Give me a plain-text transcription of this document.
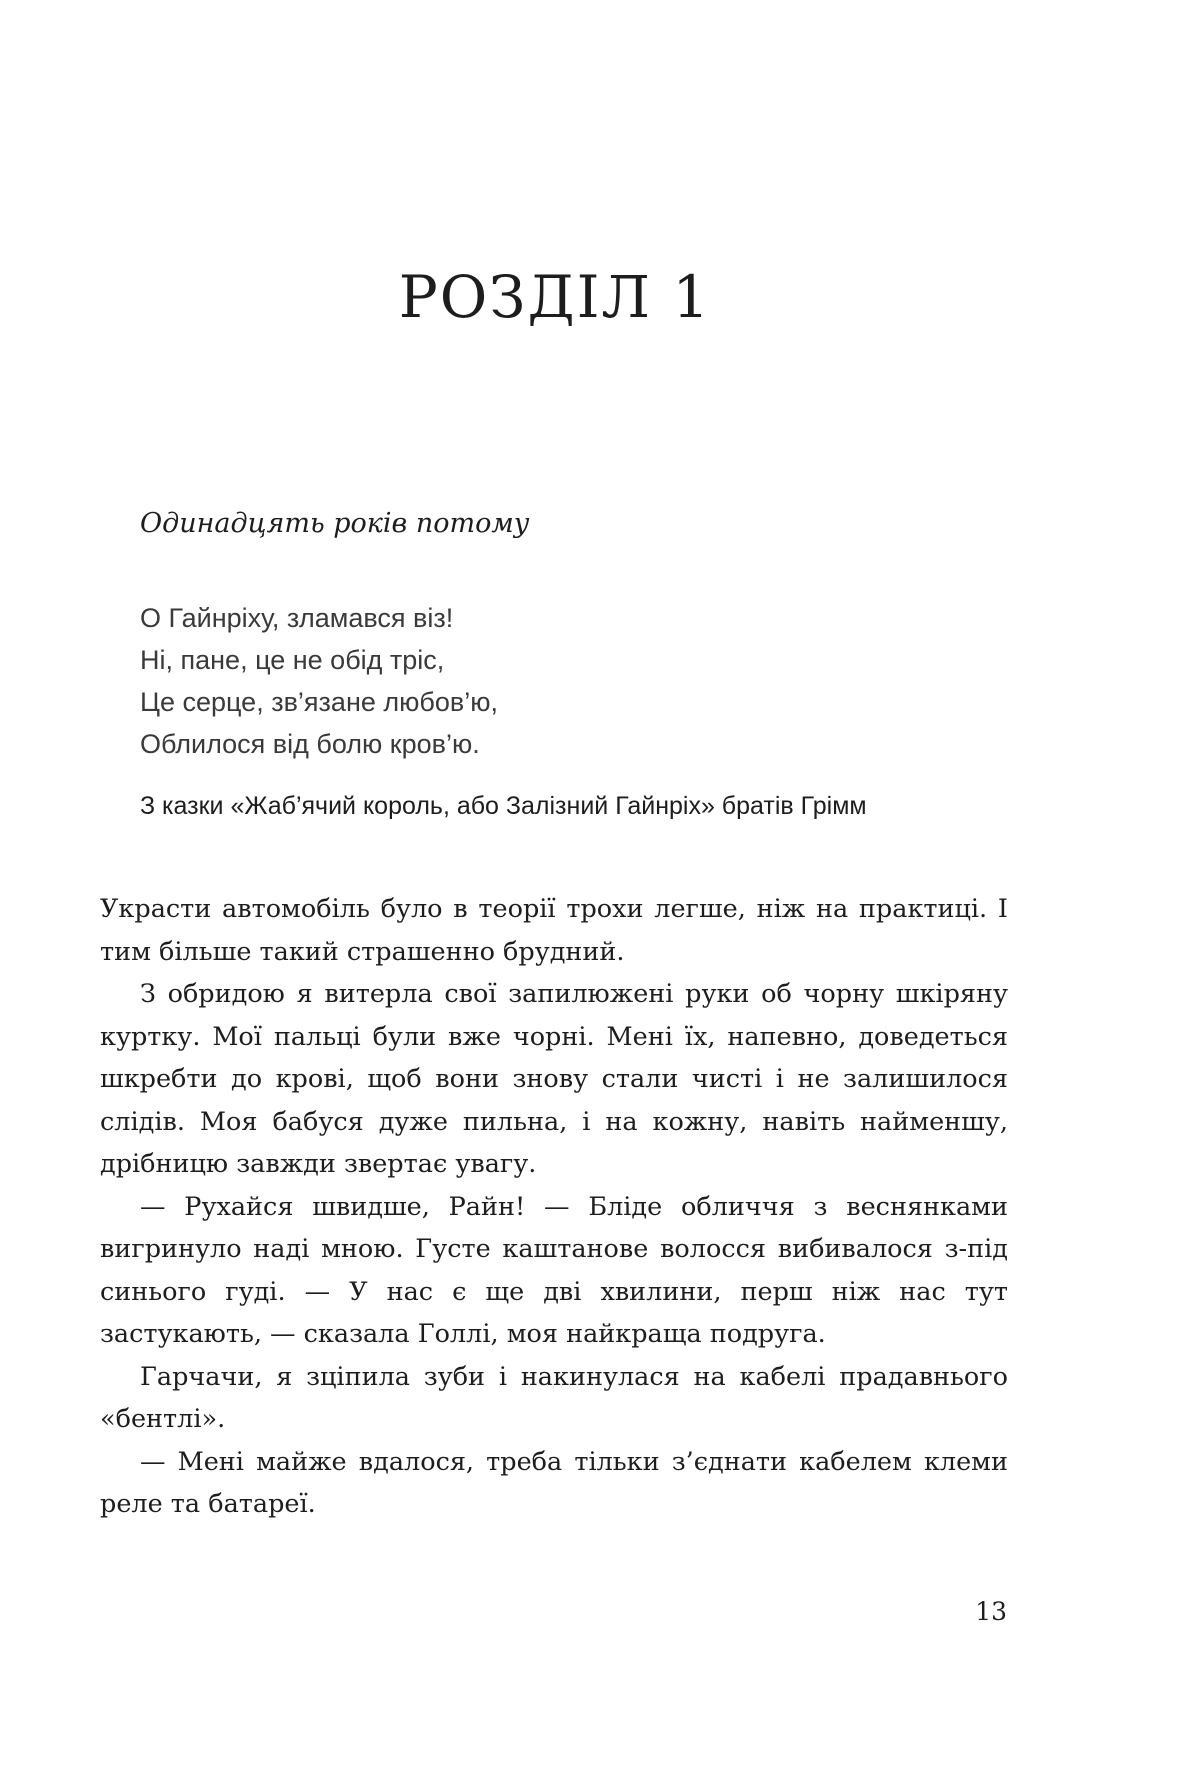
РОЗДІЛ 1

Одинадцять років потому

О Гайнріху, зламався віз!
Ні, пане, це не обід тріс,
Це серце, зв’язане любов’ю,
Облилося від болю кров’ю.

З казки «Жаб’ячий король, або Залізний Гайнріх» братів Грімм

Украсти автомобіль було в теорії трохи легше, ніж на практиці. І тим більше такий страшенно брудний.

З обридою я витерла свої запилюжені руки об чорну шкіряну куртку. Мої пальці були вже чорні. Мені їх, напевно, доведеться шкребти до крові, щоб вони знову стали чисті і не залишилося слідів. Моя бабуся дуже пильна, і на кожну, навіть найменшу, дрібницю завжди звертає увагу.

— Рухайся швидше, Райн! — Бліде обличчя з веснянками вигринуло наді мною. Густе каштанове волосся вибивалося з-під синього гуді. — У нас є ще дві хвилини, перш ніж нас тут застукають, — сказала Голлі, моя найкраща подруга.

Гарчачи, я зціпила зуби і накинулася на кабелі прадавнього «бентлі».

— Мені майже вдалося, треба тільки з’єднати кабелем клеми реле та батареї.

13
